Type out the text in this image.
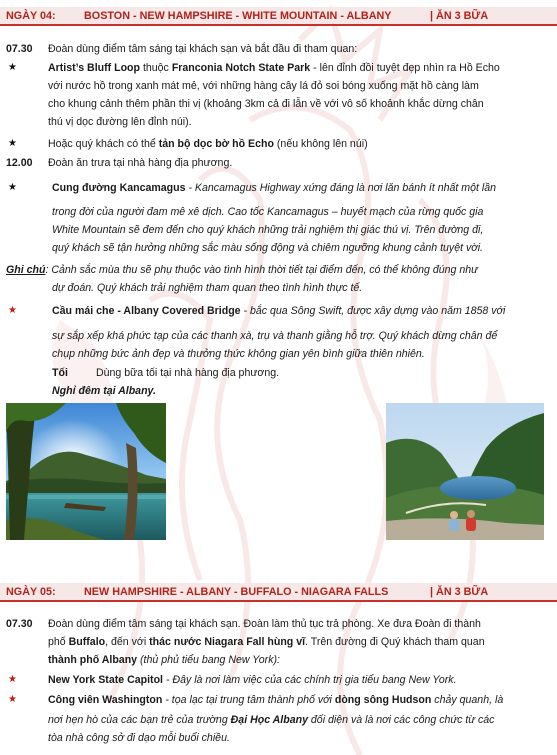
NGÀY 04:	BOSTON - NEW HAMPSHIRE - WHITE MOUNTAIN - ALBANY	| ĂN 3 BỮA
07.30 Đoàn dùng điểm tâm sáng tại khách sạn và bắt đầu đi tham quan:
★	Artist’s Bluff Loop thuộc Franconia Notch State Park - lên đỉnh đồi tuyệt đẹp nhìn ra Hồ Echo
với nước hồ trong xanh mát mẻ, với những hàng cây lá đỏ soi bóng xuống mặt hồ càng làm
cho khung cảnh thêm phần thi vị (khoảng 3km cả đi lẫn về với vô số khoảnh khắc dừng chân
thú vị dọc đường lên đỉnh núi).
★	Hoặc quý khách có thể tản bộ dọc bờ hồ Echo (nếu không lên núi)
12.00 Đoàn ăn trưa tại nhà hàng địa phương.
★	Cung đường Kancamagus - Kancamagus Highway xứng đáng là nơi lăn bánh ít nhất một lần
trong đời của người đam mê xê dịch. Cao tốc Kancamagus – huyết mạch của rừng quốc gia
White Mountain sẽ đem đến cho quý khách những trải nghiệm thị giác thú vị. Trên đường đi,
quý khách sẽ tận hưởng những sắc màu sống động và chiêm ngưỡng khung cảnh tuyệt vời.
Ghi chú: Cảnh sắc mùa thu sẽ phụ thuộc vào tình hình thời tiết tại điểm đến, có thể không đúng như
dự đoán. Quý khách trải nghiệm tham quan theo tình hình thực tế.
★	Cầu mái che - Albany Covered Bridge - bắc qua Sông Swift, được xây dựng vào năm 1858 với
sự sắp xếp khá phức tạp của các thanh xà, trụ và thanh giằng hỗ trợ. Quý khách dừng chân để
chụp những bức ảnh đẹp và thưởng thức không gian yên bình giữa thiên nhiên.
Tối	Dùng bữa tối tại nhà hàng địa phương.
Nghỉ đêm tại Albany.
NGÀY 05:	NEW HAMPSHIRE - ALBANY - BUFFALO - NIAGARA FALLS	| ĂN 3 BỮA
07.30 Đoàn dùng điểm tâm sáng tại khách sạn. Đoàn làm thủ tục trả phòng. Xe đưa Đoàn đi thành
phố Buffalo, đến với thác nước Niagara Fall hùng vĩ. Trên đường đi Quý khách tham quan
thành phố Albany (thủ phủ tiểu bang New York):
★	New York State Capitol - Đây là nơi làm việc của các chính trị gia tiểu bang New York.
★	Công viên Washington - tọa lạc tại trung tâm thành phố với dòng sông Hudson chảy quanh, là
nơi hẹn hò của các bạn trẻ của trường Đại Học Albany đối diện và là nơi các công chức từ các
tòa nhà công sở đi dạo mỗi buổi chiều.
